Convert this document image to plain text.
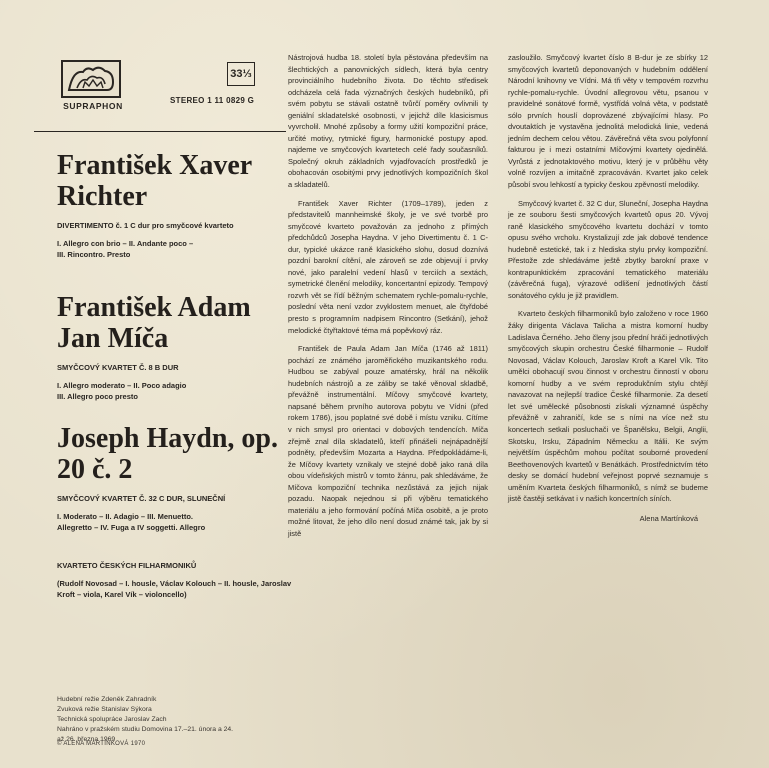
SUPRAPHON
33⅓
STEREO 1 11 0829 G
František Xaver Richter
DIVERTIMENTO č. 1 C dur pro smyčcové kvarteto
I. Allegro con brio – II. Andante poco –
III. Rincontro. Presto
František Adam Jan Míča
SMYČCOVÝ KVARTET Č. 8 B DUR
I. Allegro moderato – II. Poco adagio
III. Allegro poco presto
Joseph Haydn, op. 20 č. 2
SMYČCOVÝ KVARTET Č. 32 C DUR, SLUNEČNÍ
I. Moderato – II. Adagio – III. Menuetto.
Allegretto – IV. Fuga a IV soggetti. Allegro
KVARTETO ČESKÝCH FILHARMONIKŮ
(Rudolf Novosad – I. housle, Václav Kolouch – II. housle, Jaroslav Kroft – viola, Karel Vík – violoncello)
Hudební režie Zdeněk Zahradník
Zvuková režie Stanislav Sýkora
Technická spolupráce Jaroslav Zach
Nahráno v pražském studiu Domovina 17.–21. února a 24.
až 26. března 1969
© ALENA MARTÍNKOVÁ 1970

Nástrojová hudba 18. století byla pěstována především na šlechtických a panovnických sídlech, která byla centry provinciálního hudebního života. Do těchto středisek odcházela celá řada význačných českých hudebníků, při svém pobytu se stávali ostatně tvůrčí poměry ovlivnili ty geniální skladatelské osobnosti, v jejichž díle klasicismus vyvrcholil. Mnohé způsoby a formy užití kompoziční práce, určité motivy, rytmické figury, harmonické postupy apod. najdeme ve smyčcových kvartetech celé řady současníků. Společný okruh základních vyjadřovacích prostředků je obohacován osobitými prvy jednotlivých kompozičních škol a skladatelů.

František Xaver Richter (1709–1789), jeden z představitelů mannheimské školy, je ve své tvorbě pro smyčcové kvarteto považován za jednoho z přímých předchůdců Josepha Haydna. V jeho Divertimentu č. 1 C-dur, typické ukázce raně klasického slohu, dosud doznívá pozdní barokní cítění, ale zároveň se zde objevují i prvky nové, jako paralelní vedení hlasů v terciích a sextách, symetrické členění melodiky, koncertantní epizody. Tempový rozvrh vět se řídí běžným schematem rychle-pomalu-rychle, poslední věta není vzdor zvyklostem menuet, ale čtyřdobé presto s programním nadpisem Rincontro (Setkání), jehož melodické čtyřtaktové téma má popěvkový ráz.

František de Paula Adam Jan Míča (1746 až 1811) pochází ze známého jaroměřického muzikantského rodu. Hudbou se zabýval pouze amatérsky, hrál na několik hudebních nástrojů a ze záliby se také věnoval skladbě, převážně instrumentální. Míčovy smyčcové kvartety, napsané během prvního autorova pobytu ve Vídni (před rokem 1786), jsou poplatné své době i místu vzniku. Cítíme v nich smysl pro orientaci v dobových tendencích. Míča zřejmě znal díla skladatelů, kteří přinášeli nejnápadnější podněty, především Mozarta a Haydna. Předpokládáme-li, že Míčovy kvartety vznikaly ve stejné době jako raná díla obou vídeňských mistrů v tomto žánru, pak shledáváme, že Míčova kompoziční technika nezůstává za jejich nijak pozadu. Naopak nejednou si při výběru tematického materiálu a jeho formování počíná Míča osobitě, a je proto možné litovat, že jeho dílo není dosud známé tak, jak by si jistě

zasloužilo. Smyčcový kvartet číslo 8 B-dur je ze sbírky 12 smyčcových kvartetů deponovaných v hudebním oddělení Národní knihovny ve Vídni. Má tři věty v tempovém rozvrhu rychle-pomalu-rychle. Úvodní allegrovou větu, psanou v pravidelné sonátové formě, vystřídá volná věta, v podstatě sólo prvních houslí doprovázené zbývajícími hlasy. Po dvoutaktích je vystavěna jednolitá melodická linie, vedená jedním dechem celou větou. Závěrečná věta svou polyfonní fakturou je i mezi ostatními Míčovými kvartety ojedinělá. Vyrůstá z jednotaktového motivu, který je v průběhu věty volně rozvíjen a imitačně zpracováván. Kvartet jako celek působí svou lehkostí a typicky českou zpěvností melodiky.

Smyčcový kvartet č. 32 C dur, Sluneční, Josepha Haydna je ze souboru šesti smyčcových kvartetů opus 20. Vývoj raně klasického smyčcového kvartetu dochází v tomto opusu svého vrcholu. Krystalizují zde jak dobové tendence hudebně estetické, tak i z hlediska stylu prvky kompoziční. Přestože zde shledáváme ještě zbytky barokní praxe v kontrapunktickém zpracování tematického materiálu (závěrečná fuga), výrazové odlišení jednotlivých částí sonátového cyklu je již pravidlem.

Kvarteto českých filharmoniků bylo založeno v roce 1960 žáky dirigenta Václava Talicha a mistra komorní hudby Ladislava Černého. Jeho členy jsou přední hráči jednotlivých smyčcových skupin orchestru České filharmonie – Rudolf Novosad, Václav Kolouch, Jaroslav Kroft a Karel Vík. Tito umělci obohacují svou činnost v orchestru činností v oboru komorní hudby a ve svém reprodukčním stylu chtějí navazovat na nejlepší tradice České filharmonie. Za desetí let své umělecké působnosti získali významné úspěchy převážně v zahraničí, kde se s ními na více než stu koncertech setkali posluchači ve Španělsku, Belgii, Anglii, Skotsku, Irsku, Západním Německu a Itálii. Ke svým největším úspěchům mohou počítat souborné provedení Beethovenových kvartetů v Benátkách. Prostřednictvím této desky se domácí hudební veřejnost poprvé seznamuje s uměním Kvarteta českých filharmoniků, s nímž se budeme jistě častěji setkávat i v našich koncertních síních.

Alena Martínková
